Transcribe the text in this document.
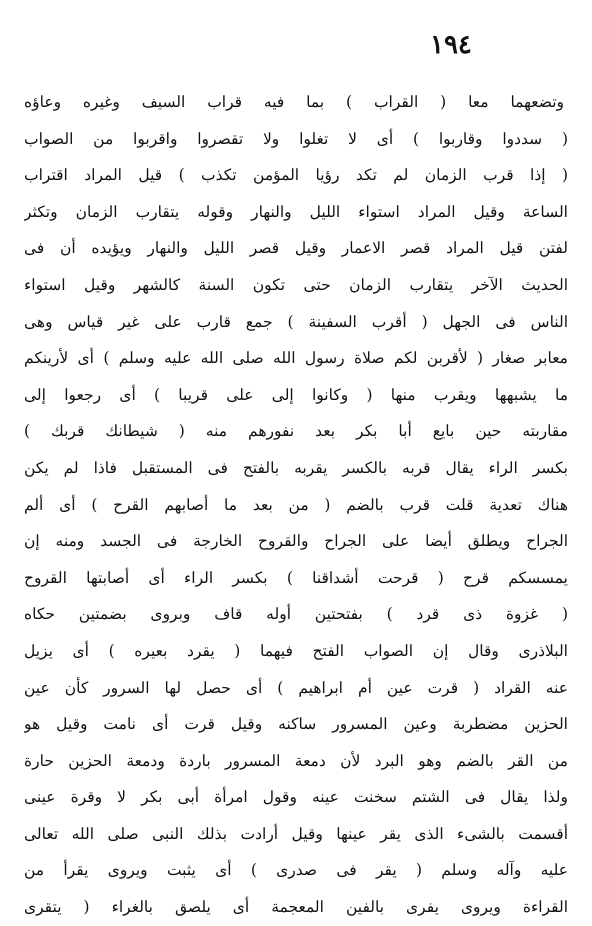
١٩٤
وتضعهما معا ( القراب ) بما فيه قراب السيف وغيره وعاؤه
( سددوا وقاربوا ) أى لا تغلوا ولا تقصروا واقربوا من الصواب
( إذا قرب الزمان لم تكد رؤيا المؤمن تكذب ) قيل المراد اقتراب
الساعة وقيل المراد استواء الليل والنهار وقوله يتقارب الزمان وتكثر
لفتن قيل المراد قصر الاعمار وقيل قصر الليل والنهار ويؤيده أن فى
الحديث الآخر يتقارب الزمان حتى تكون السنة كالشهر وقيل استواء
الناس فى الجهل ( أقرب السفينة ) جمع قارب على غير قياس وهى
معابر صغار ( لأقربن لكم صلاة رسول الله صلى الله عليه وسلم ) أى لأرينكم
ما يشبهها ويقرب منها ( وكانوا إلى على قريبا ) أى رجعوا إلى
مقاربته حين بايع أبا بكر بعد نفورهم منه ( شيطانك قربك )
بكسر الراء يقال قربه بالكسر يقربه بالفتح فى المستقبل فاذا لم يكن
هناك تعدية قلت قرب بالضم ( من بعد ما أصابهم القرح ) أى ألم
الجراح ويطلق أيضا على الجراح والقروح الخارجة فى الجسد ومنه إن
يمسسكم قرح ( قرحت أشداقنا ) بكسر الراء أى أصابتها القروح
( غزوة ذى قرد ) بفتحتين أوله قاف وبروى بضمتين حكاه
البلاذرى وقال إن الصواب الفتح فيهما ( يقرد بعيره ) أى يزيل
عنه القراد ( قرت عين أم ابراهيم ) أى حصل لها السرور كأن عين
الحزين مضطربة وعين المسرور ساكنه وقيل قرت أى نامت وقيل هو
من القر بالضم وهو البرد لأن دمعة المسرور باردة ودمعة الحزين حارة
ولذا يقال فى الشتم سخنت عينه وقول امرأة أبى بكر لا وقرة عينى
أقسمت بالشىء الذى يقر عينها وقيل أرادت بذلك النبى صلى الله تعالى
عليه وآله وسلم ( يقر فى صدرى ) أى يثبت ويروى يقرأ من
القراءة ويروى يفرى بالفين المعجمة أى يلصق بالغراء ( يتقرى
